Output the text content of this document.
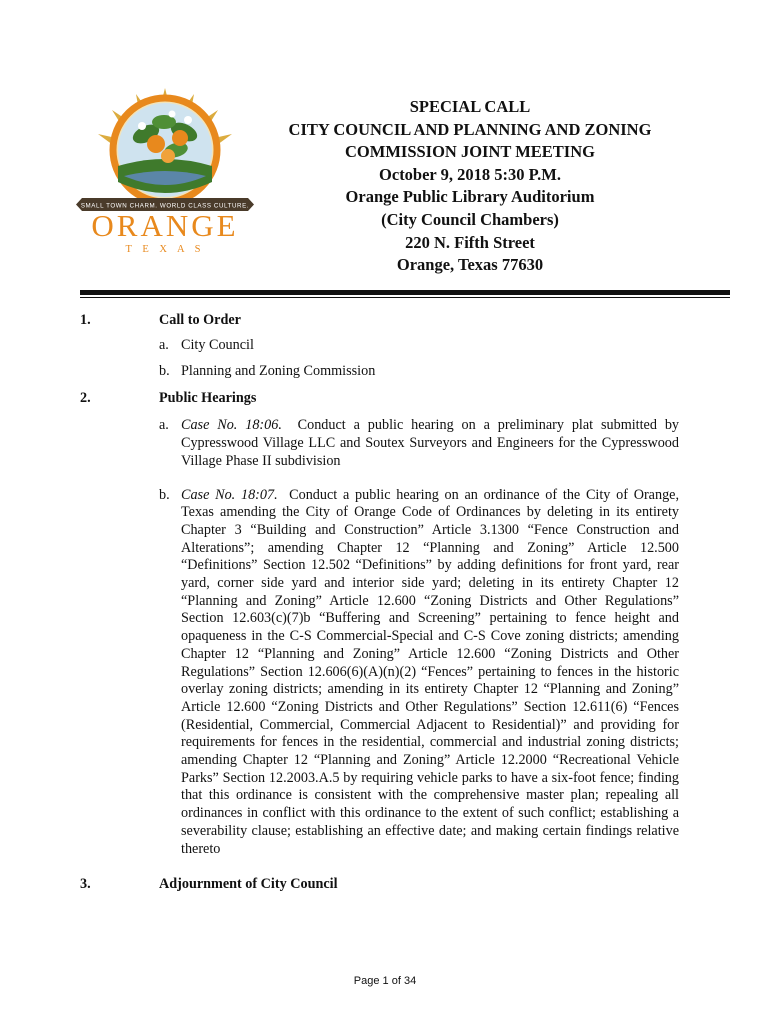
SMALL TOWN CHARM. WORLD CLASS CULTURE.
ORANGE
T E X A S
SPECIAL CALL
CITY COUNCIL AND PLANNING AND ZONING
COMMISSION JOINT MEETING
October 9, 2018 5:30 P.M.
Orange Public Library Auditorium
(City Council Chambers)
220 N. Fifth Street
Orange, Texas 77630
1.	Call to Order
a. City Council
b. Planning and Zoning Commission
2.	Public Hearings
a. Case No. 18:06. Conduct a public hearing on a preliminary plat submitted by Cypresswood Village LLC and Soutex Surveyors and Engineers for the Cypresswood Village Phase II subdivision
b. Case No. 18:07. Conduct a public hearing on an ordinance of the City of Orange, Texas amending the City of Orange Code of Ordinances by deleting in its entirety Chapter 3 “Building and Construction” Article 3.1300 “Fence Construction and Alterations”; amending Chapter 12 “Planning and Zoning” Article 12.500 “Definitions” Section 12.502 “Definitions” by adding definitions for front yard, rear yard, corner side yard and interior side yard; deleting in its entirety Chapter 12 “Planning and Zoning” Article 12.600 “Zoning Districts and Other Regulations” Section 12.603(c)(7)b “Buffering and Screening” pertaining to fence height and opaqueness in the C-S Commercial-Special and C-S Cove zoning districts; amending Chapter 12 “Planning and Zoning” Article 12.600 “Zoning Districts and Other Regulations” Section 12.606(6)(A)(n)(2) “Fences” pertaining to fences in the historic overlay zoning districts; amending in its entirety Chapter 12 “Planning and Zoning” Article 12.600 “Zoning Districts and Other Regulations” Section 12.611(6) “Fences (Residential, Commercial, Commercial Adjacent to Residential)” and providing for requirements for fences in the residential, commercial and industrial zoning districts; amending Chapter 12 “Planning and Zoning” Article 12.2000 “Recreational Vehicle Parks” Section 12.2003.A.5 by requiring vehicle parks to have a six-foot fence; finding that this ordinance is consistent with the comprehensive master plan; repealing all ordinances in conflict with this ordinance to the extent of such conflict; establishing a severability clause; establishing an effective date; and making certain findings relative thereto
3.	Adjournment of City Council
Page 1 of 34
